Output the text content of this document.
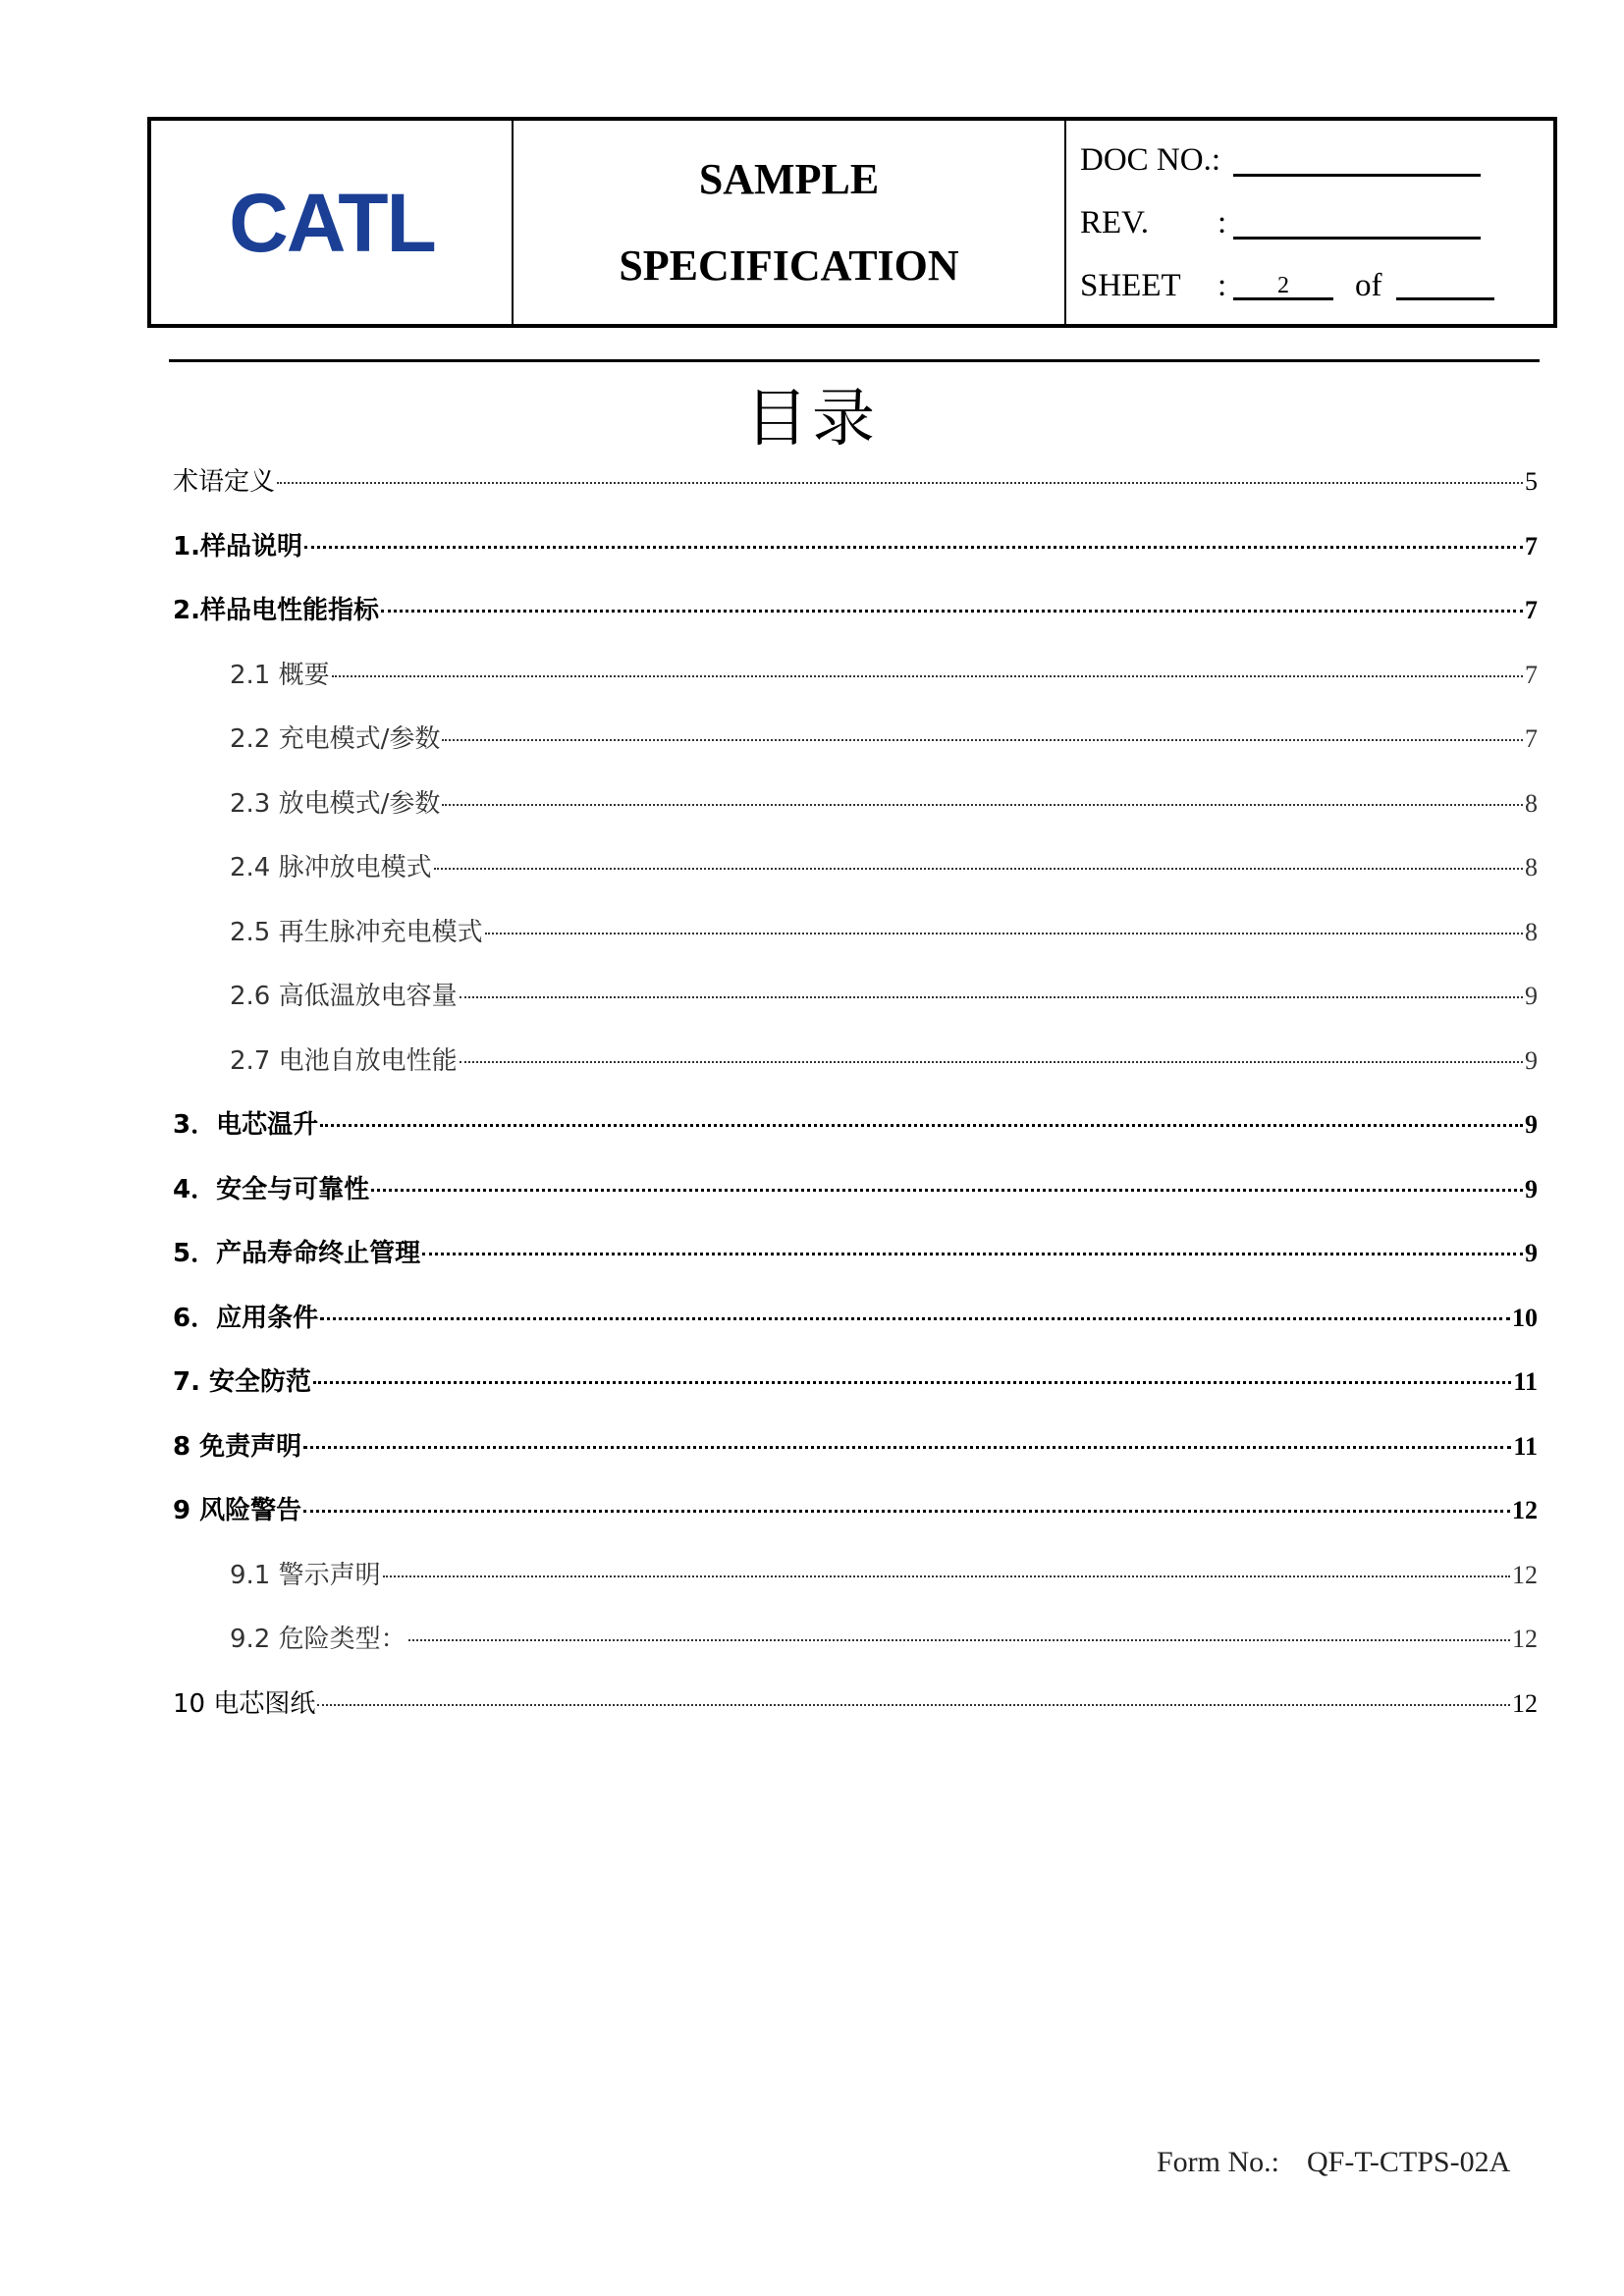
CATL	SAMPLE
SPECIFICATION
DOC NO.:
REV. :
SHEET :	2	of
目录
术语定义	5
1.样品说明	7
2.样品电性能指标	7
2.1 概要	7
2.2 充电模式/参数	7
2.3 放电模式/参数	8
2.4 脉冲放电模式	8
2.5 再生脉冲充电模式	8
2.6 高低温放电容量	9
2.7 电池自放电性能	9
3．电芯温升	9
4．安全与可靠性	9
5．产品寿命终止管理	9
6．应用条件	10
7. 安全防范	11
8 免责声明	11
9 风险警告	12
9.1 警示声明	12
9.2 危险类型：	12
10 电芯图纸	12
Form No.: QF-T-CTPS-02A
